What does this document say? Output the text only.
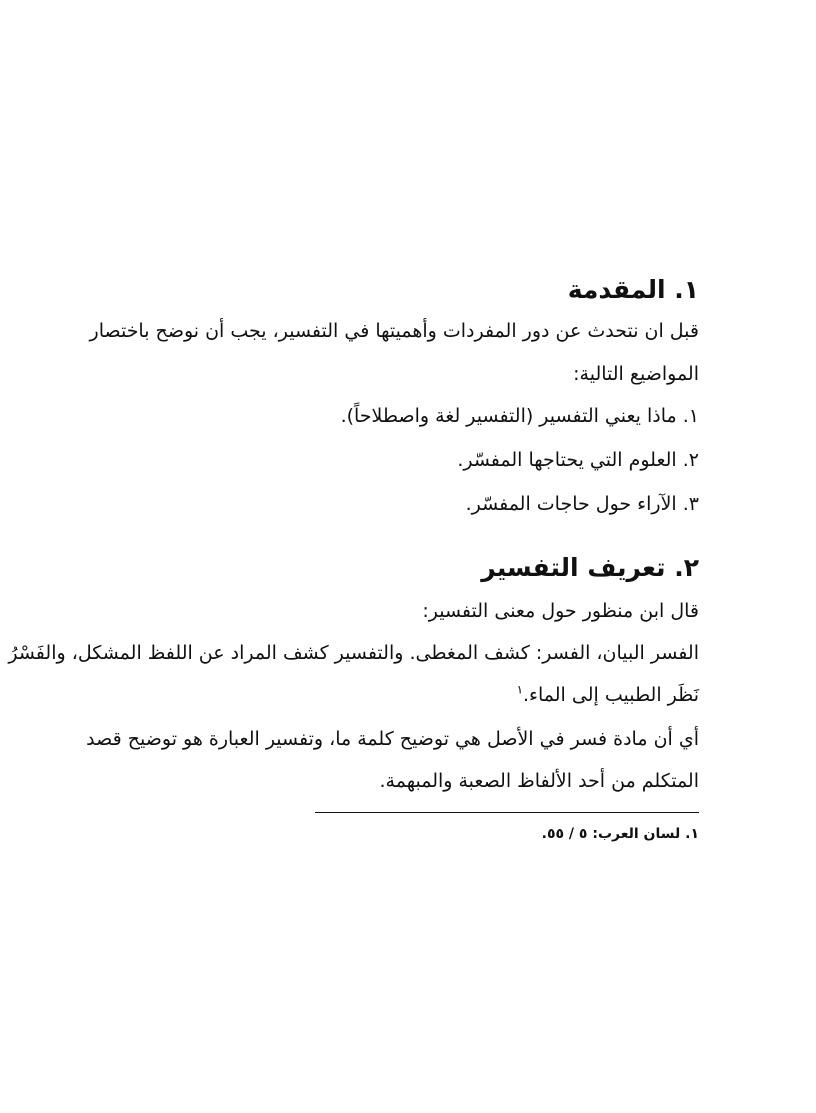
١. المقدمة
قبل ان نتحدث عن دور المفردات وأهميتها في التفسير، يجب أن نوضح باختصار
المواضيع التالية:
١. ماذا يعني التفسير (التفسير لغة واصطلاحاً).
٢. العلوم التي يحتاجها المفسّر.
٣. الآراء حول حاجات المفسّر.
٢. تعريف التفسير
قال ابن منظور حول معنى التفسير:
الفسر البيان، الفسر: كشف المغطى. والتفسير كشف المراد عن اللفظ المشكل، والفَسْرُ
نَظَر الطبيب إلى الماء.$^١$
أي أن مادة فسر في الأصل هي توضيح كلمة ما، وتفسير العبارة هو توضيح قصد
المتكلم من أحد الألفاظ الصعبة والمبهمة.
١. لسان العرب: ٥ / ٥٥.
